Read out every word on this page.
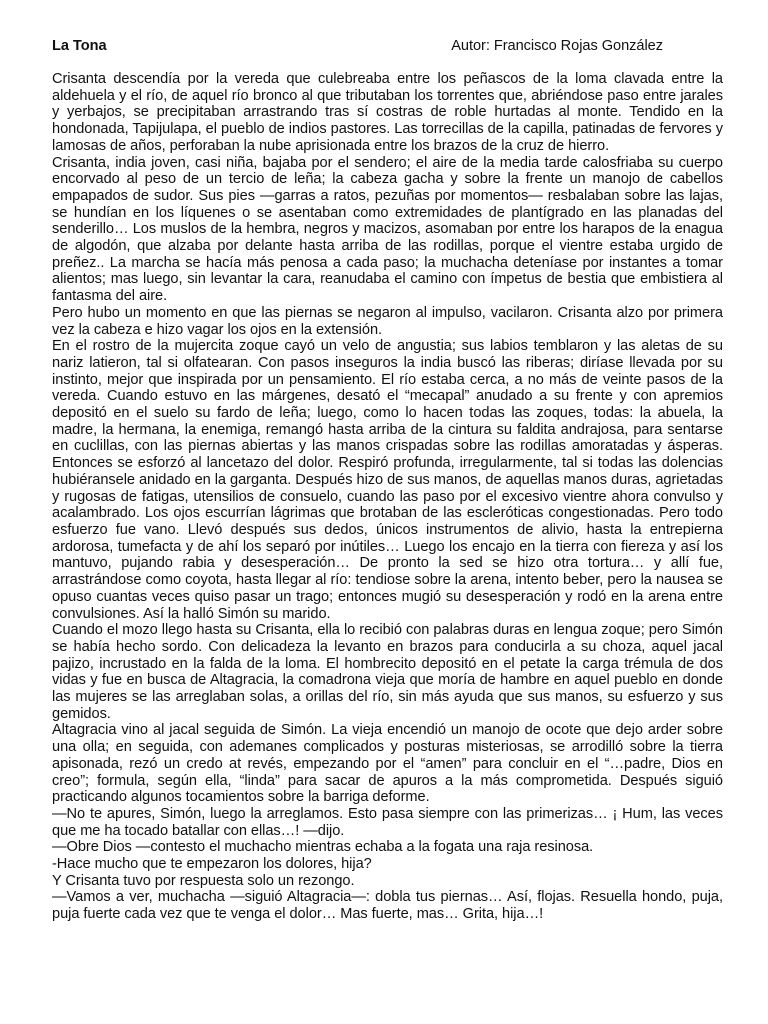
La Tona	Autor: Francisco Rojas González

Crisanta descendía por la vereda que culebreaba entre los peñascos de la loma clavada entre la aldehuela y el río, de aquel río bronco al que tributaban los torrentes que, abriéndose paso entre jarales y yerbajos, se precipitaban arrastrando tras sí costras de roble hurtadas al monte. Tendido en la hondonada, Tapijulapa, el pueblo de indios pastores. Las torrecillas de la capilla, patinadas de fervores y lamosas de años, perforaban la nube aprisionada entre los brazos de la cruz de hierro.

Crisanta, india joven, casi niña, bajaba por el sendero; el aire de la media tarde calosfriaba su cuerpo encorvado al peso de un tercio de leña; la cabeza gacha y sobre la frente un manojo de cabellos empapados de sudor. Sus pies —garras a ratos, pezuñas por momentos— resbalaban sobre las lajas, se hundían en los líquenes o se asentaban como extremidades de plantígrado en las planadas del senderillo… Los muslos de la hembra, negros y macizos, asomaban por entre los harapos de la enagua de algodón, que alzaba por delante hasta arriba de las rodillas, porque el vientre estaba urgido de preñez.. La marcha se hacía más penosa a cada paso; la muchacha deteníase por instantes a tomar alientos; mas luego, sin levantar la cara, reanudaba el camino con ímpetus de bestia que embistiera al fantasma del aire.

Pero hubo un momento en que las piernas se negaron al impulso, vacilaron. Crisanta alzo por primera vez la cabeza e hizo vagar los ojos en la extensión.

En el rostro de la mujercita zoque cayó un velo de angustia; sus labios temblaron y las aletas de su nariz latieron, tal si olfatearan. Con pasos inseguros la india buscó las riberas; diríase llevada por su instinto, mejor que inspirada por un pensamiento. El río estaba cerca, a no más de veinte pasos de la vereda. Cuando estuvo en las márgenes, desató el “mecapal” anudado a su frente y con apremios depositó en el suelo su fardo de leña; luego, como lo hacen todas las zoques, todas: la abuela, la madre, la hermana, la enemiga, remangó hasta arriba de la cintura su faldita andrajosa, para sentarse en cuclillas, con las piernas abiertas y las manos crispadas sobre las rodillas amoratadas y ásperas. Entonces se esforzó al lancetazo del dolor. Respiró profunda, irregularmente, tal si todas las dolencias hubiéransele anidado en la garganta. Después hizo de sus manos, de aquellas manos duras, agrietadas y rugosas de fatigas, utensilios de consuelo, cuando las paso por el excesivo vientre ahora convulso y acalambrado. Los ojos escurrían lágrimas que brotaban de las escleróticas congestionadas. Pero todo esfuerzo fue vano. Llevó después sus dedos, únicos instrumentos de alivio, hasta la entrepierna ardorosa, tumefacta y de ahí los separó por inútiles… Luego los encajo en la tierra con fiereza y así los mantuvo, pujando rabia y desesperación… De pronto la sed se hizo otra tortura… y allí fue, arrastrándose como coyota, hasta llegar al río: tendiose sobre la arena, intento beber, pero la nausea se opuso cuantas veces quiso pasar un trago; entonces mugió su desesperación y rodó en la arena entre convulsiones. Así la halló Simón su marido.

Cuando el mozo llego hasta su Crisanta, ella lo recibió con palabras duras en lengua zoque; pero Simón se había hecho sordo. Con delicadeza la levanto en brazos para conducirla a su choza, aquel jacal pajizo, incrustado en la falda de la loma. El hombrecito depositó en el petate la carga trémula de dos vidas y fue en busca de Altagracia, la comadrona vieja que moría de hambre en aquel pueblo en donde las mujeres se las arreglaban solas, a orillas del río, sin más ayuda que sus manos, su esfuerzo y sus gemidos.

Altagracia vino al jacal seguida de Simón. La vieja encendió un manojo de ocote que dejo arder sobre una olla; en seguida, con ademanes complicados y posturas misteriosas, se arrodilló sobre la tierra apisonada, rezó un credo at revés, empezando por el “amen” para concluir en el “…padre, Dios en creo”; formula, según ella, “linda” para sacar de apuros a la más comprometida. Después siguió practicando algunos tocamientos sobre la barriga deforme.

—No te apures, Simón, luego la arreglamos. Esto pasa siempre con las primerizas… ¡ Hum, las veces que me ha tocado batallar con ellas…! —dijo.

—Obre Dios —contesto el muchacho mientras echaba a la fogata una raja resinosa.

-Hace mucho que te empezaron los dolores, hija?

Y Crisanta tuvo por respuesta solo un rezongo.

—Vamos a ver, muchacha —siguió Altagracia—: dobla tus piernas… Así, flojas. Resuella hondo, puja, puja fuerte cada vez que te venga el dolor… Mas fuerte, mas… Grita, hija…!
